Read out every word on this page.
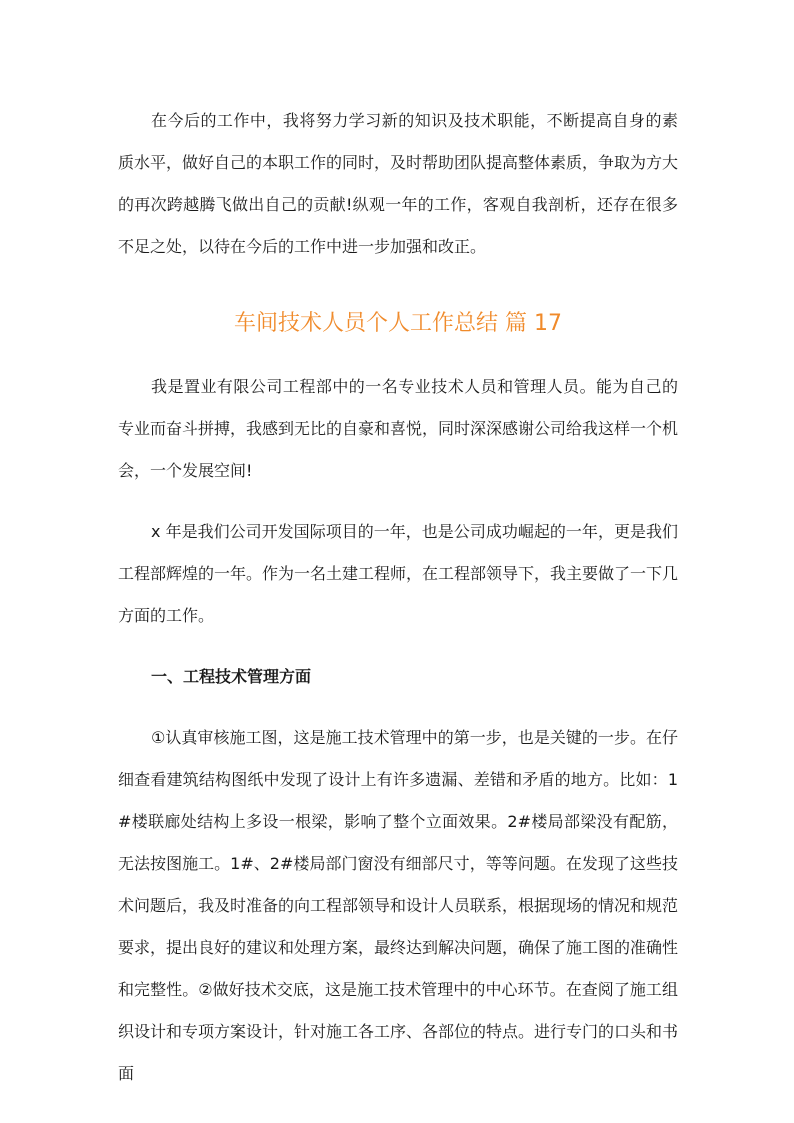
在今后的工作中，我将努力学习新的知识及技术职能，不断提高自身的素质水平，做好自己的本职工作的同时，及时帮助团队提高整体素质，争取为方大的再次跨越腾飞做出自己的贡献!纵观一年的工作，客观自我剖析，还存在很多不足之处，以待在今后的工作中进一步加强和改正。

车间技术人员个人工作总结 篇 17

我是置业有限公司工程部中的一名专业技术人员和管理人员。能为自己的专业而奋斗拼搏，我感到无比的自豪和喜悦，同时深深感谢公司给我这样一个机会，一个发展空间!

x 年是我们公司开发国际项目的一年，也是公司成功崛起的一年，更是我们工程部辉煌的一年。作为一名土建工程师，在工程部领导下，我主要做了一下几方面的工作。

一、工程技术管理方面

①认真审核施工图，这是施工技术管理中的第一步，也是关键的一步。在仔细查看建筑结构图纸中发现了设计上有许多遗漏、差错和矛盾的地方。比如：1#楼联廊处结构上多设一根梁，影响了整个立面效果。2#楼局部梁没有配筋，无法按图施工。1#、2#楼局部门窗没有细部尺寸，等等问题。在发现了这些技术问题后，我及时准备的向工程部领导和设计人员联系，根据现场的情况和规范要求，提出良好的建议和处理方案，最终达到解决问题，确保了施工图的准确性和完整性。②做好技术交底，这是施工技术管理中的中心环节。在查阅了施工组织设计和专项方案设计，针对施工各工序、各部位的特点。进行专门的口头和书面
